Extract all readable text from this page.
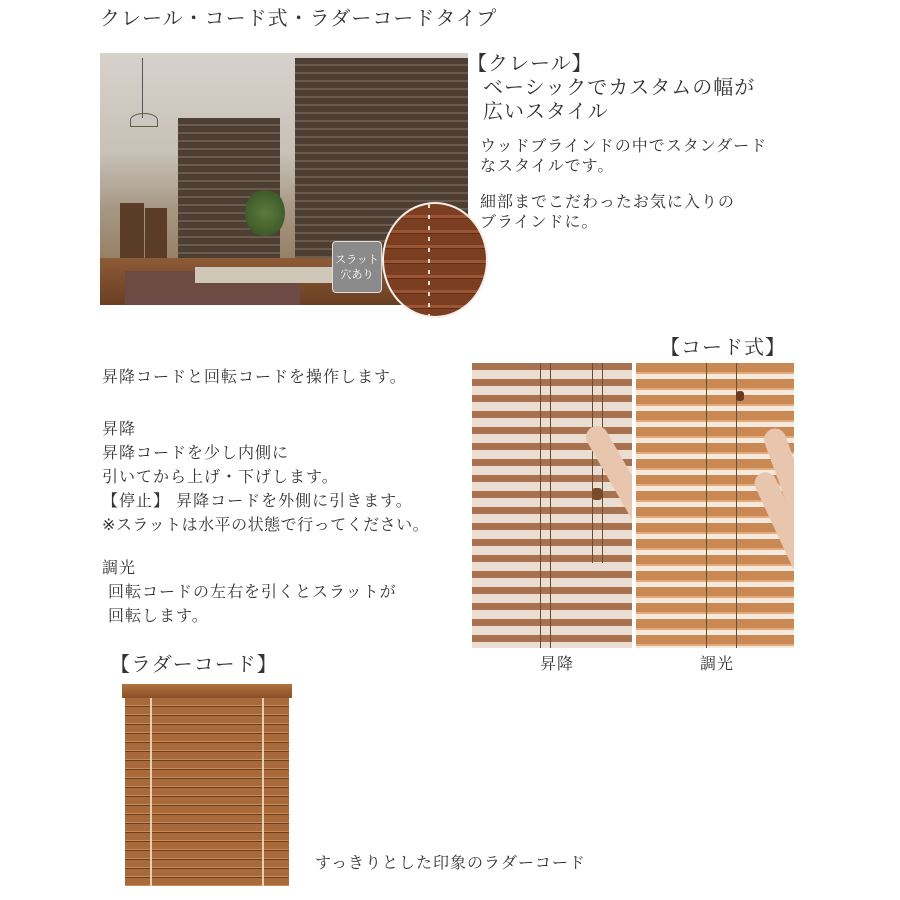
クレール・コード式・ラダーコードタイプ
スラット
穴あり
【クレール】
ベーシックでカスタムの幅が
広いスタイル
ウッドブラインドの中でスタンダード
なスタイルです。
細部までこだわったお気に入りの
ブラインドに。
【コード式】
昇降コードと回転コードを操作します。
昇降
昇降コードを少し内側に
引いてから上げ・下げします。
【停止】 昇降コードを外側に引きます。
※スラットは水平の状態で行ってください。
調光
回転コードの左右を引くとスラットが
回転します。
昇降	調光
【ラダーコード】
すっきりとした印象のラダーコード
